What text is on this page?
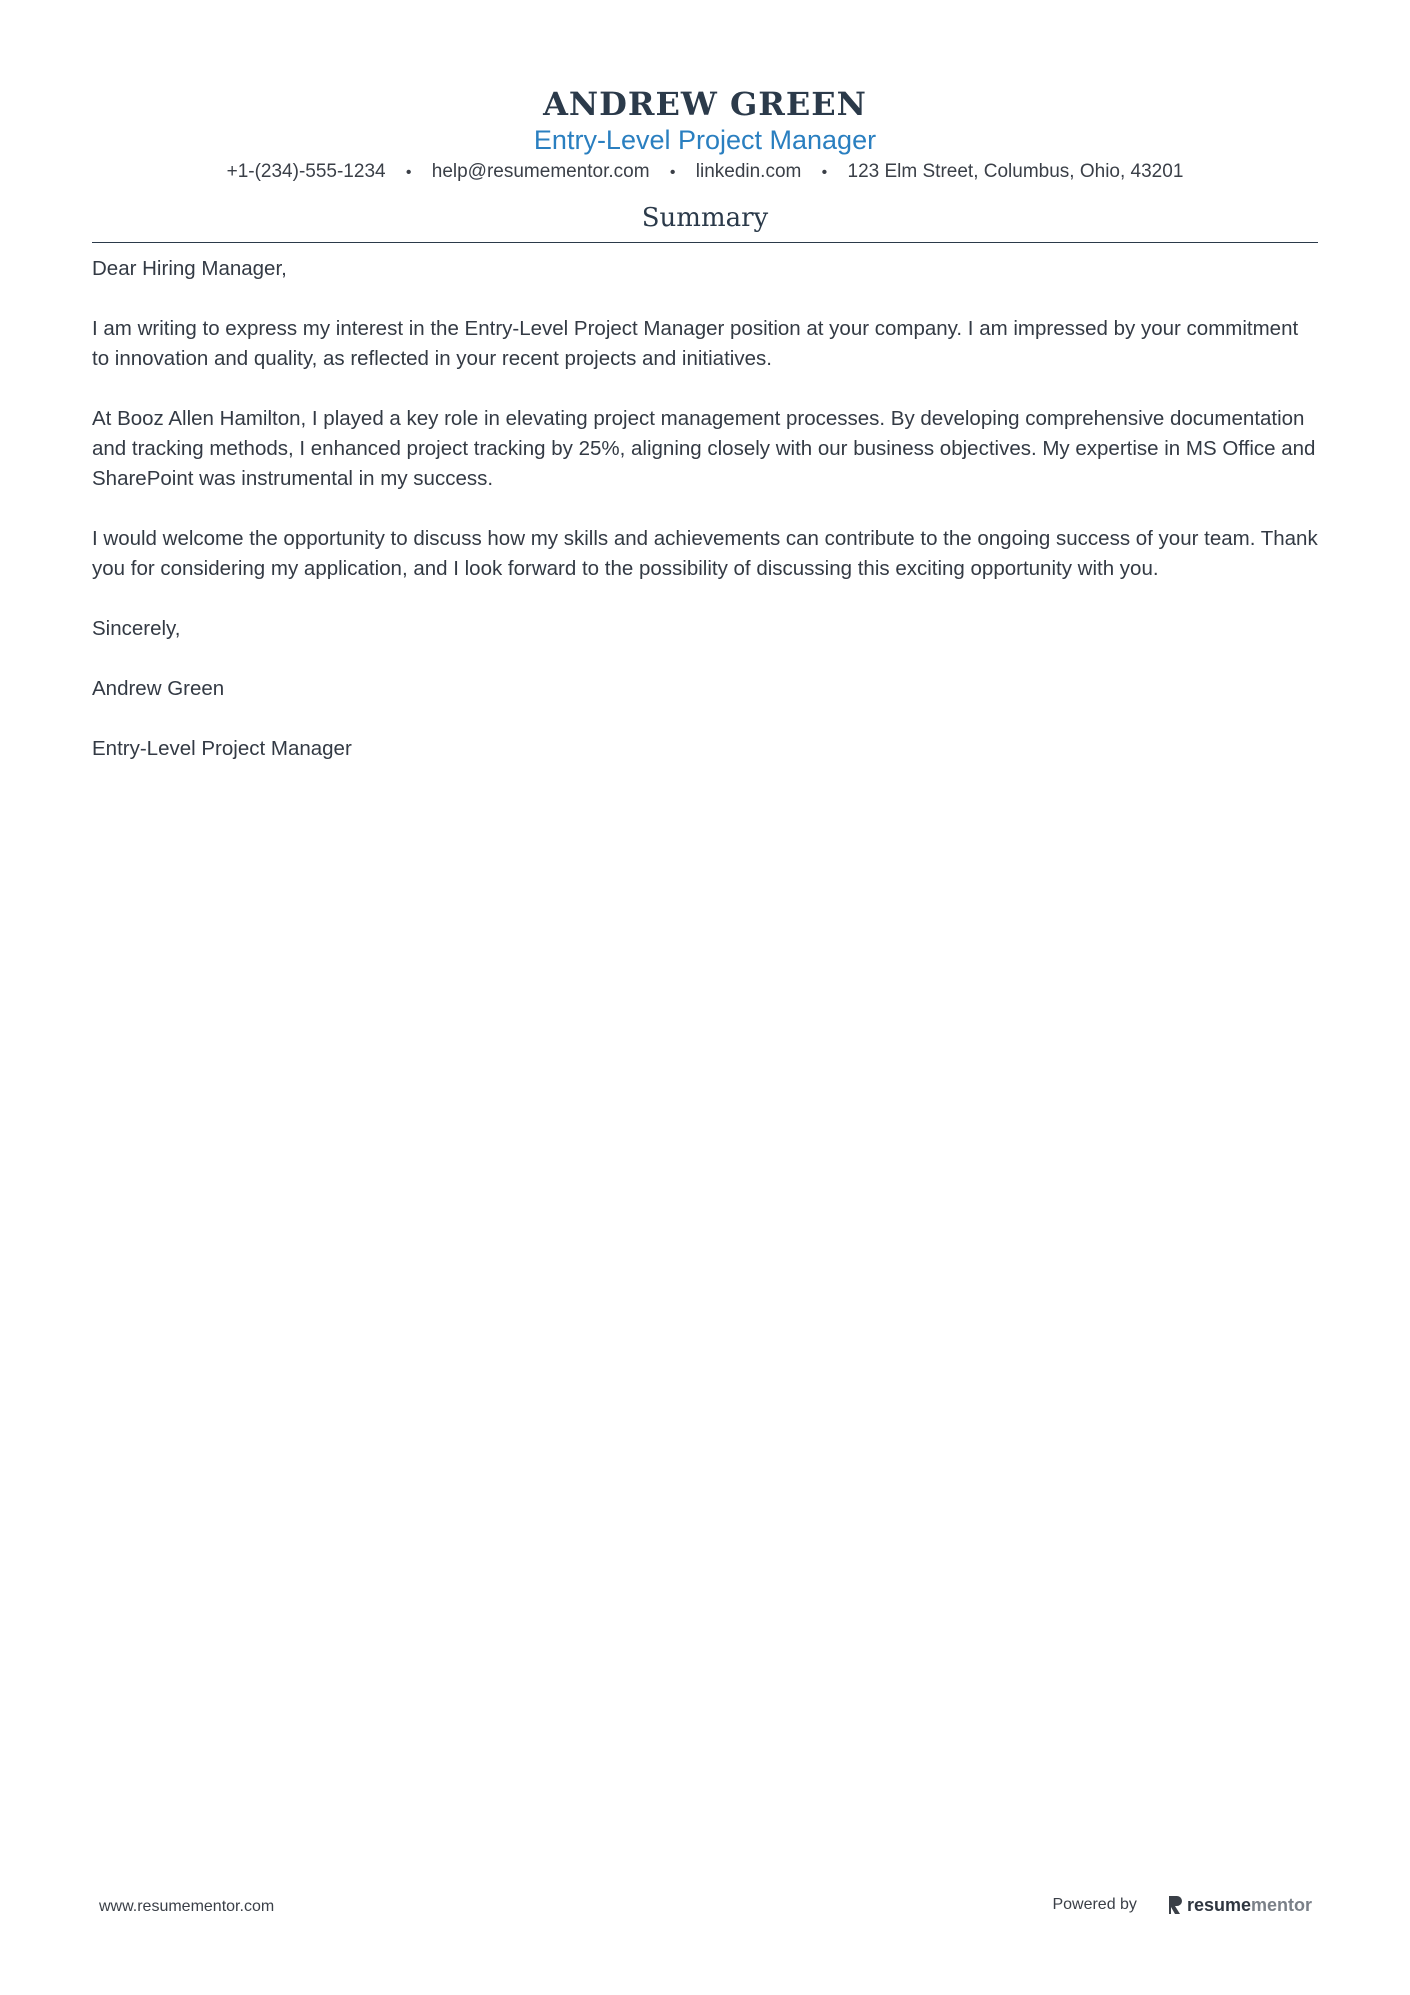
ANDREW GREEN
Entry-Level Project Manager
+1-(234)-555-1234 • help@resumementor.com • linkedin.com • 123 Elm Street, Columbus, Ohio, 43201
Summary

Dear Hiring Manager,

I am writing to express my interest in the Entry-Level Project Manager position at your company. I am impressed by your commitment to innovation and quality, as reflected in your recent projects and initiatives.

At Booz Allen Hamilton, I played a key role in elevating project management processes. By developing comprehensive documentation and tracking methods, I enhanced project tracking by 25%, aligning closely with our business objectives. My expertise in MS Office and SharePoint was instrumental in my success.

I would welcome the opportunity to discuss how my skills and achievements can contribute to the ongoing success of your team. Thank you for considering my application, and I look forward to the possibility of discussing this exciting opportunity with you.

Sincerely,

Andrew Green

Entry-Level Project Manager

www.resumementor.com	Powered by	resume mentor
